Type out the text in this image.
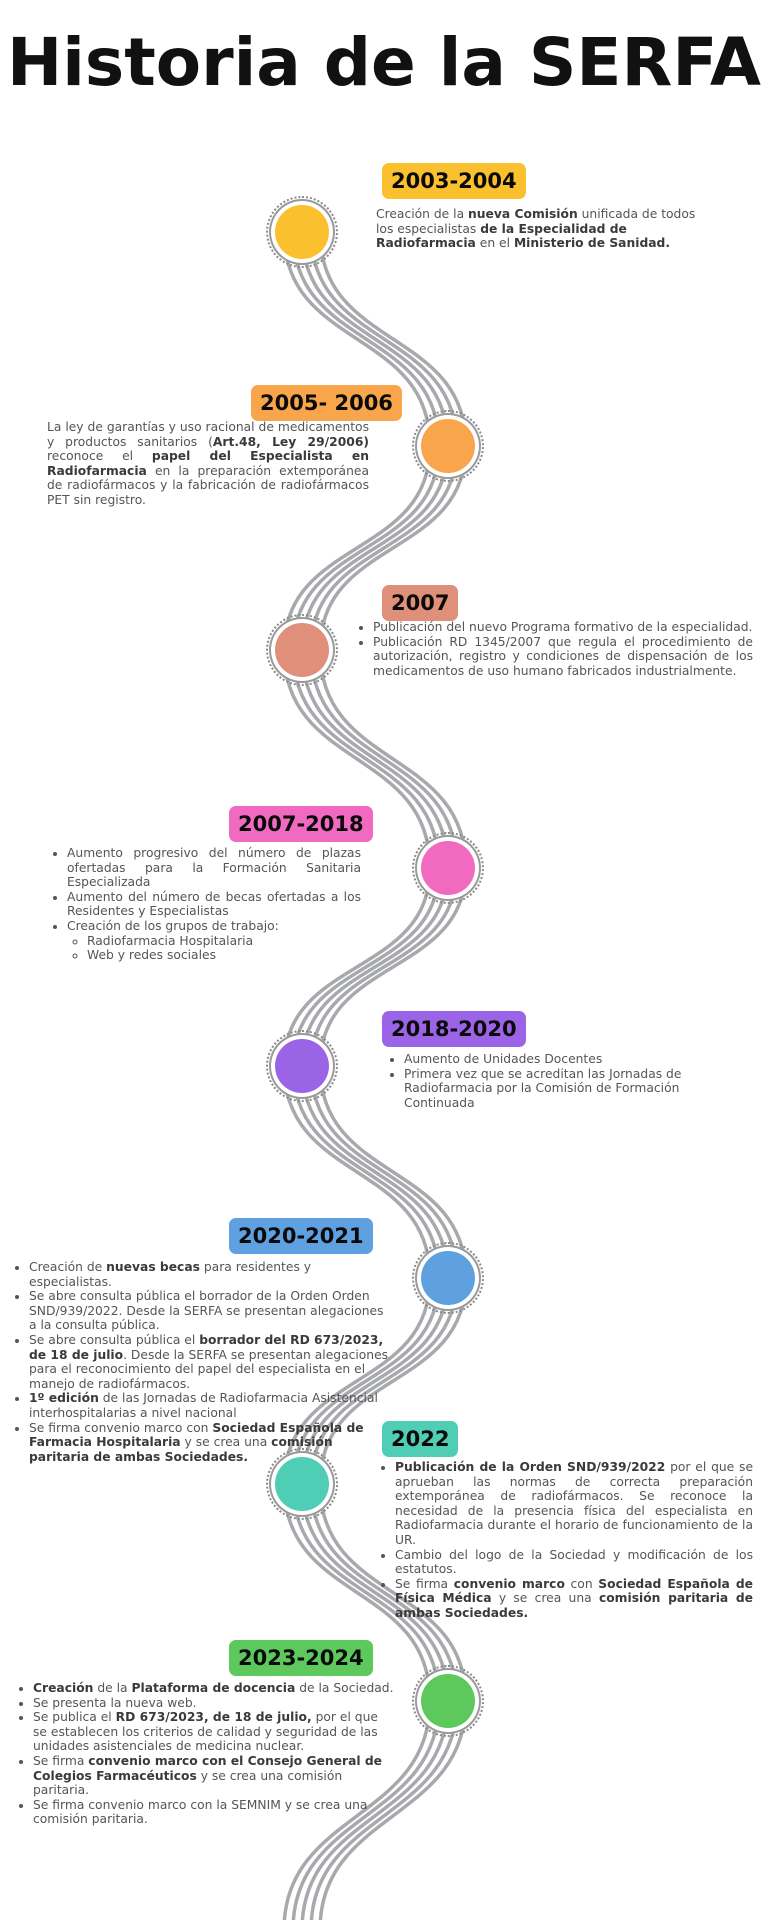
Historia de la SERFA
2003-2004
Creación de la nueva Comisión unificada de todos los especialistas de la Especialidad de Radiofarmacia en el Ministerio de Sanidad.
2005- 2006
La ley de garantías y uso racional de medicamentos y productos sanitarios (Art.48, Ley 29/2006) reconoce el papel del Especialista en Radiofarmacia en la preparación extemporánea de radiofármacos y la fabricación de radiofármacos PET sin registro.
2007
• Publicación del nuevo Programa formativo de la especialidad.
• Publicación RD 1345/2007 que regula el procedimiento de autorización, registro y condiciones de dispensación de los medicamentos de uso humano fabricados industrialmente.
2007-2018
• Aumento progresivo del número de plazas ofertadas para la Formación Sanitaria Especializada
• Aumento del número de becas ofertadas a los Residentes y Especialistas
• Creación de los grupos de trabajo:
◦ Radiofarmacia Hospitalaria
◦ Web y redes sociales
2018-2020
• Aumento de Unidades Docentes
• Primera vez que se acreditan las Jornadas de Radiofarmacia por la Comisión de Formación Continuada
2020-2021
• Creación de nuevas becas para residentes y especialistas.
• Se abre consulta pública el borrador de la Orden Orden SND/939/2022. Desde la SERFA se presentan alegaciones a la consulta pública.
• Se abre consulta pública el borrador del RD 673/2023, de 18 de julio. Desde la SERFA se presentan alegaciones para el reconocimiento del papel del especialista en el manejo de radiofármacos.
• 1º edición de las Jornadas de Radiofarmacia Asistencial interhospitalarias a nivel nacional
• Se firma convenio marco con Sociedad Española de Farmacia Hospitalaria y se crea una comisión paritaria de ambas Sociedades.
2022
• Publicación de la Orden SND/939/2022 por el que se aprueban las normas de correcta preparación extemporánea de radiofármacos. Se reconoce la necesidad de la presencia física del especialista en Radiofarmacia durante el horario de funcionamiento de la UR.
• Cambio del logo de la Sociedad y modificación de los estatutos.
• Se firma convenio marco con Sociedad Española de Física Médica y se crea una comisión paritaria de ambas Sociedades.
2023-2024
• Creación de la Plataforma de docencia de la Sociedad.
• Se presenta la nueva web.
• Se publica el RD 673/2023, de 18 de julio, por el que se establecen los criterios de calidad y seguridad de las unidades asistenciales de medicina nuclear.
• Se firma convenio marco con el Consejo General de Colegios Farmacéuticos y se crea una comisión paritaria.
• Se firma convenio marco con la SEMNIM y se crea una comisión paritaria.
